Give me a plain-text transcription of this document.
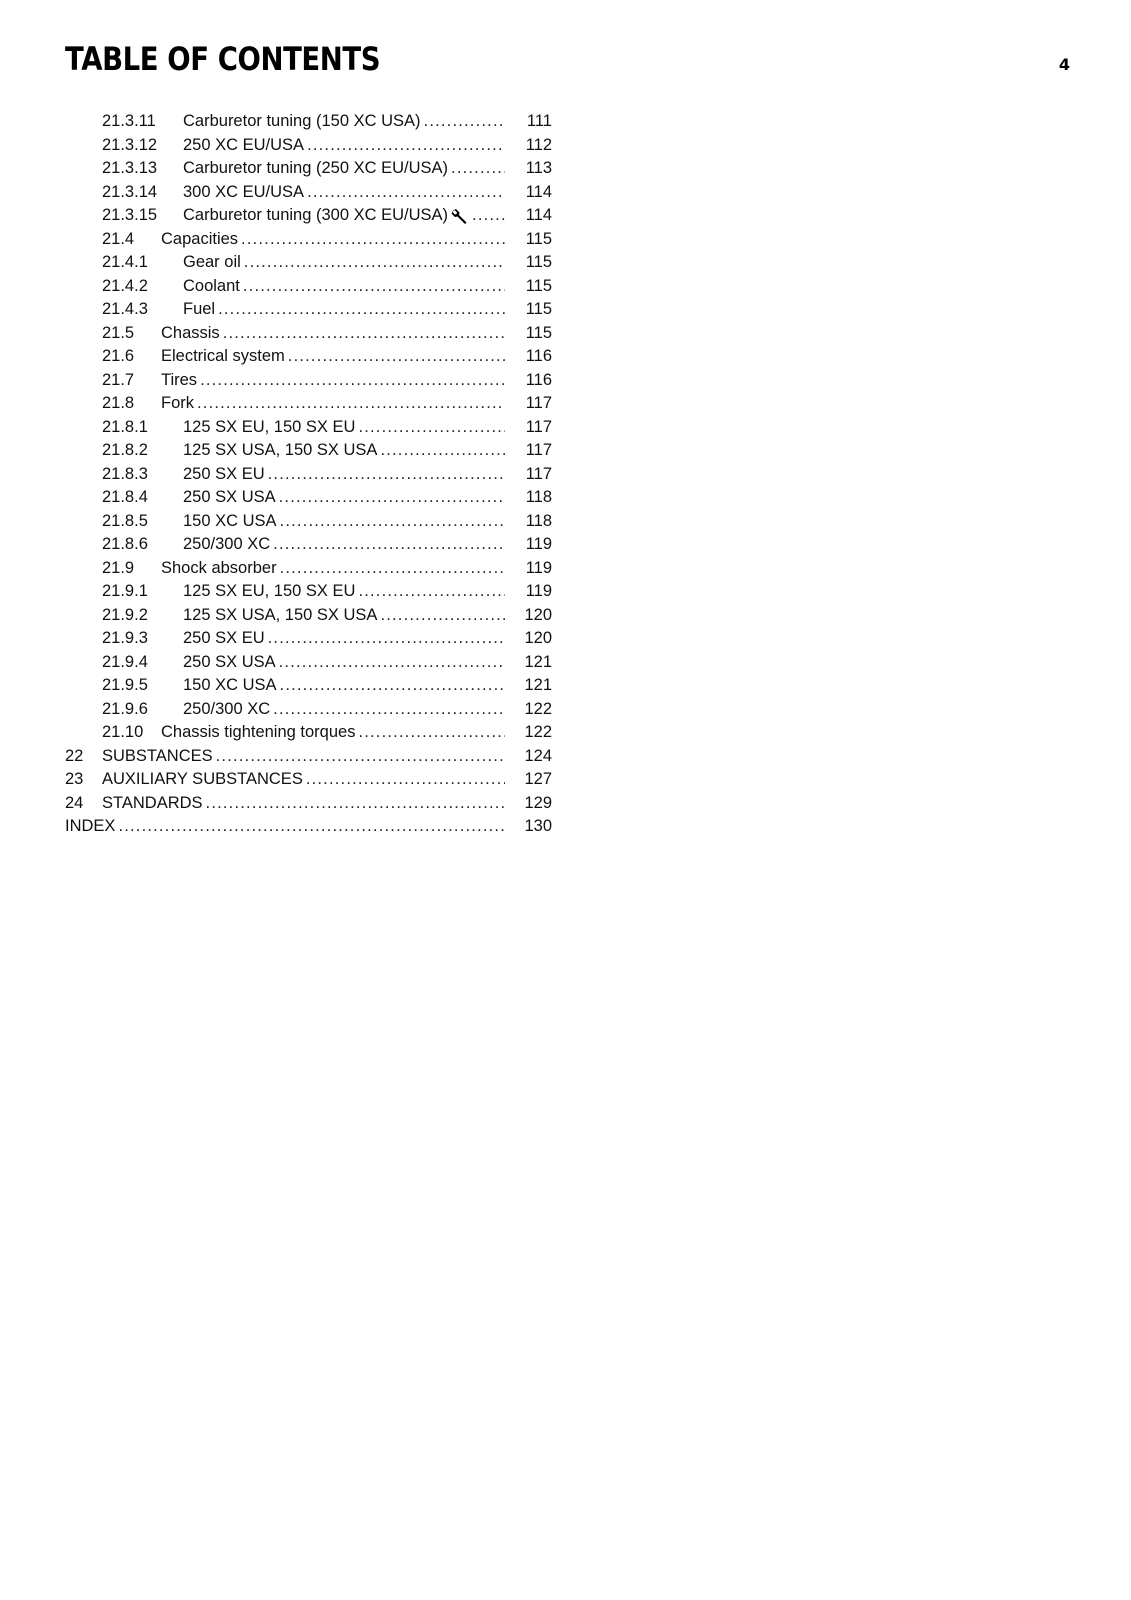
TABLE OF CONTENTS	4
21.3.11 Carburetor tuning (150 XC USA) .....	111
21.3.12 250 XC EU/USA .....	112
21.3.13 Carburetor tuning (250 XC EU/USA) .....	113
21.3.14 300 XC EU/USA .....	114
21.3.15 Carburetor tuning (300 XC EU/USA) .....	114
21.4 Capacities .....	115
21.4.1 Gear oil .....	115
21.4.2 Coolant .....	115
21.4.3 Fuel .....	115
21.5 Chassis .....	115
21.6 Electrical system .....	116
21.7 Tires .....	116
21.8 Fork .....	117
21.8.1 125 SX EU, 150 SX EU .....	117
21.8.2 125 SX USA, 150 SX USA .....	117
21.8.3 250 SX EU .....	117
21.8.4 250 SX USA .....	118
21.8.5 150 XC USA .....	118
21.8.6 250/300 XC .....	119
21.9 Shock absorber .....	119
21.9.1 125 SX EU, 150 SX EU .....	119
21.9.2 125 SX USA, 150 SX USA .....	120
21.9.3 250 SX EU .....	120
21.9.4 250 SX USA .....	121
21.9.5 150 XC USA .....	121
21.9.6 250/300 XC .....	122
21.10 Chassis tightening torques .....	122
22 SUBSTANCES .....	124
23 AUXILIARY SUBSTANCES .....	127
24 STANDARDS .....	129
INDEX .....	130
